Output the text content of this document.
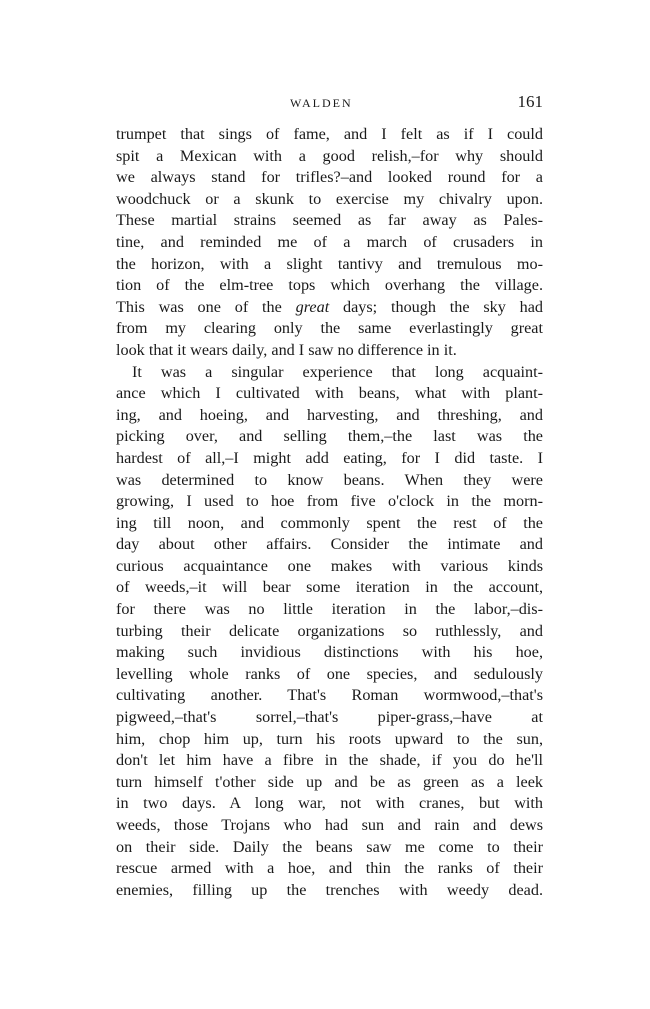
WALDEN	161
trumpet that sings of fame, and I felt as if I could
spit a Mexican with a good relish,–for why should
we always stand for trifles?–and looked round for a
woodchuck or a skunk to exercise my chivalry upon.
These martial strains seemed as far away as Pales-
tine, and reminded me of a march of crusaders in
the horizon, with a slight tantivy and tremulous mo-
tion of the elm-tree tops which overhang the village.
This was one of the great days; though the sky had
from my clearing only the same everlastingly great
look that it wears daily, and I saw no difference in it.
It was a singular experience that long acquaint-
ance which I cultivated with beans, what with plant-
ing, and hoeing, and harvesting, and threshing, and
picking over, and selling them,–the last was the
hardest of all,–I might add eating, for I did taste. I
was determined to know beans. When they were
growing, I used to hoe from five o'clock in the morn-
ing till noon, and commonly spent the rest of the
day about other affairs. Consider the intimate and
curious acquaintance one makes with various kinds
of weeds,–it will bear some iteration in the account,
for there was no little iteration in the labor,–dis-
turbing their delicate organizations so ruthlessly, and
making such invidious distinctions with his hoe,
levelling whole ranks of one species, and sedulously
cultivating another. That's Roman wormwood,–that's
pigweed,–that's sorrel,–that's piper-grass,–have at
him, chop him up, turn his roots upward to the sun,
don't let him have a fibre in the shade, if you do he'll
turn himself t'other side up and be as green as a leek
in two days. A long war, not with cranes, but with
weeds, those Trojans who had sun and rain and dews
on their side. Daily the beans saw me come to their
rescue armed with a hoe, and thin the ranks of their
enemies, filling up the trenches with weedy dead.
